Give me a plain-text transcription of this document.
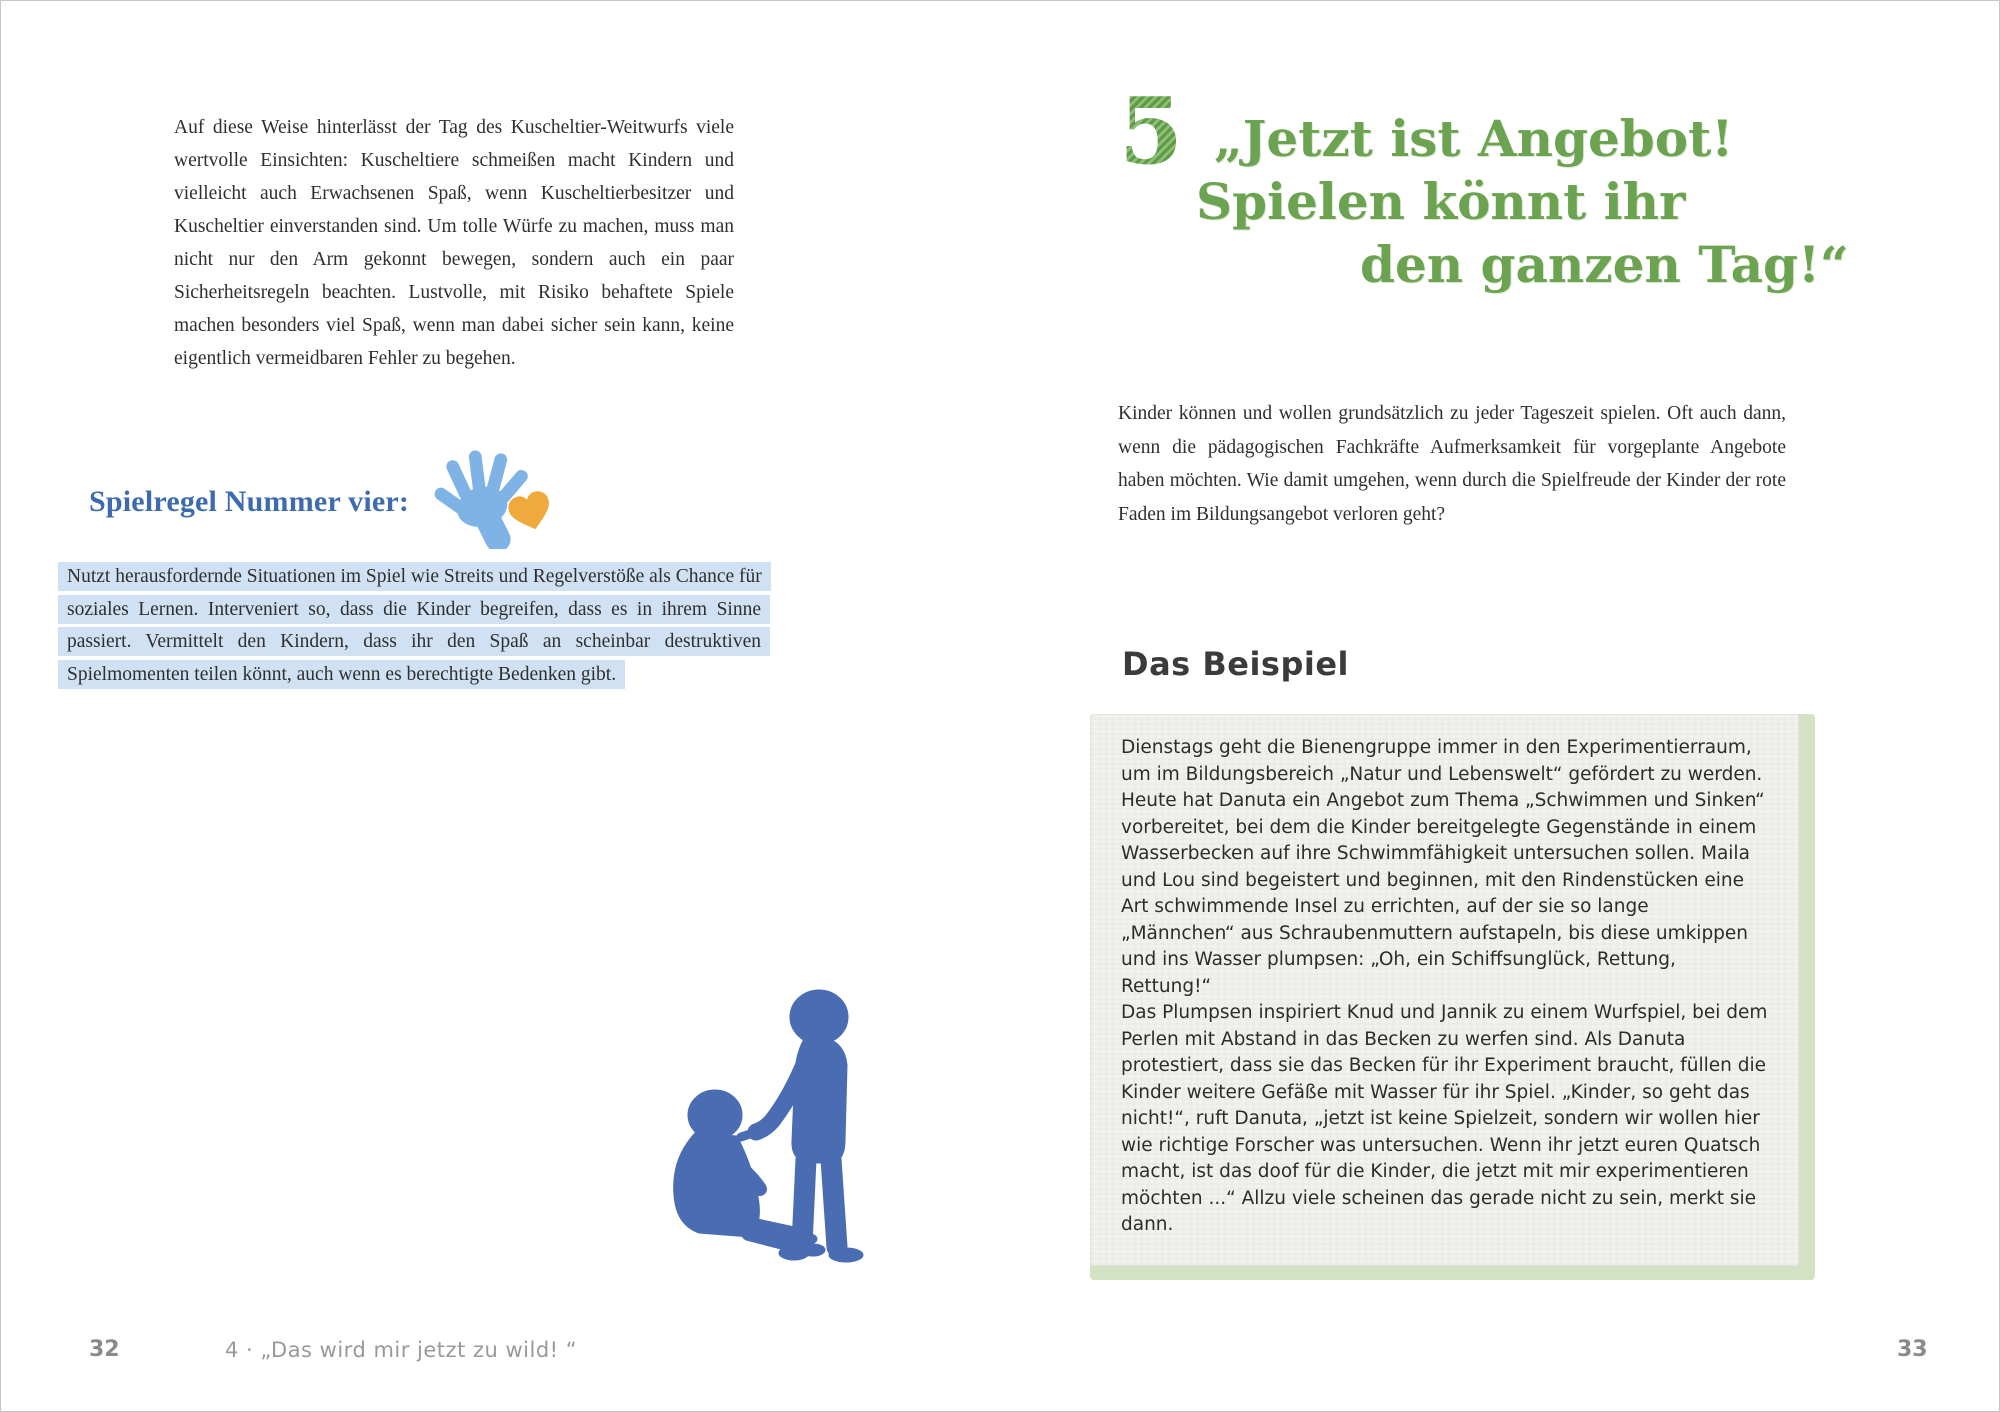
Auf diese Weise hinterlässt der Tag des Kuscheltier-Weitwurfs viele wertvolle Einsichten: Kuscheltiere schmeißen macht Kindern und vielleicht auch Erwachsenen Spaß, wenn Kuscheltierbesitzer und Kuscheltier einverstanden sind. Um tolle Würfe zu machen, muss man nicht nur den Arm gekonnt bewegen, sondern auch ein paar Sicherheitsregeln beachten. Lustvolle, mit Risiko behaftete Spiele machen besonders viel Spaß, wenn man dabei sicher sein kann, keine eigentlich vermeidbaren Fehler zu begehen.
Spielregel Nummer vier:
Nutzt herausfordernde Situationen im Spiel wie Streits und Regelverstöße als Chance für soziales Lernen. Interveniert so, dass die Kinder begreifen, dass es in ihrem Sinne passiert. Vermittelt den Kindern, dass ihr den Spaß an scheinbar destruktiven Spielmomenten teilen könnt, auch wenn es berechtigte Bedenken gibt.
32	4 · „Das wird mir jetzt zu wild! “
5 „Jetzt ist Angebot!
Spielen könnt ihr
den ganzen Tag!“
Kinder können und wollen grundsätzlich zu jeder Tageszeit spielen. Oft auch dann, wenn die pädagogischen Fachkräfte Aufmerksamkeit für vorgeplante Angebote haben möchten. Wie damit umgehen, wenn durch die Spielfreude der Kinder der rote Faden im Bildungsangebot verloren geht?
Das Beispiel

Dienstags geht die Bienengruppe immer in den Experimentierraum, um im Bildungsbereich „Natur und Lebenswelt“ gefördert zu werden. Heute hat Danuta ein Angebot zum Thema „Schwimmen und Sinken“ vorbereitet, bei dem die Kinder bereitgelegte Gegenstände in einem Wasserbecken auf ihre Schwimmfähigkeit untersuchen sollen. Maila und Lou sind begeistert und beginnen, mit den Rindenstücken eine Art schwimmende Insel zu errichten, auf der sie so lange „Männchen“ aus Schraubenmuttern aufstapeln, bis diese umkippen und ins Wasser plumpsen: „Oh, ein Schiffsunglück, Rettung, Rettung!“

Das Plumpsen inspiriert Knud und Jannik zu einem Wurfspiel, bei dem Perlen mit Abstand in das Becken zu werfen sind. Als Danuta protestiert, dass sie das Becken für ihr Experiment braucht, füllen die Kinder weitere Gefäße mit Wasser für ihr Spiel. „Kinder, so geht das nicht!“, ruft Danuta, „jetzt ist keine Spielzeit, sondern wir wollen hier wie richtige Forscher was untersuchen. Wenn ihr jetzt euren Quatsch macht, ist das doof für die Kinder, die jetzt mit mir experimentieren möchten ...“ Allzu viele scheinen das gerade nicht zu sein, merkt sie dann.

33
